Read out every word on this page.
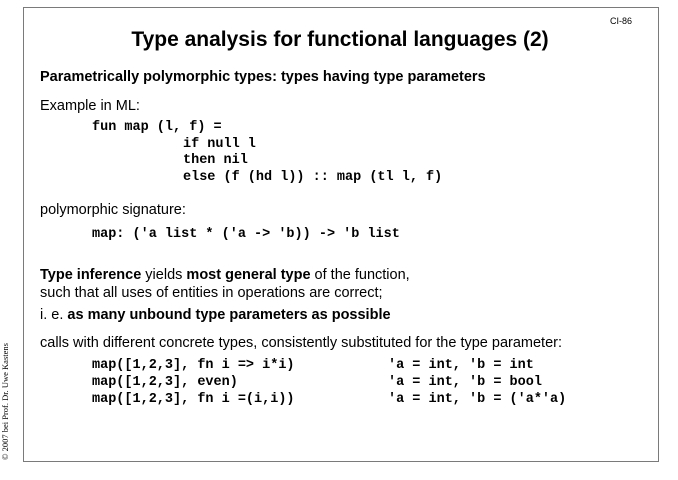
CI-86
Type analysis for functional languages (2)
Parametrically polymorphic types: types having type parameters
Example in ML:
fun map (l, f) =
if null l
then nil
else (f (hd l)) :: map (tl l, f)
polymorphic signature:
map: ('a list * ('a -> 'b)) -> 'b list
Type inference yields most general type of the function,
such that all uses of entities in operations are correct;
i. e. as many unbound type parameters as possible
calls with different concrete types, consistently substituted for the type parameter:
map([1,2,3], fn i => i*i)	'a = int, 'b = int
map([1,2,3], even)	'a = int, 'b = bool
map([1,2,3], fn i =(i,i))	'a = int, 'b = ('a*'a)
© 2007 bei Prof. Dr. Uwe Kastens
